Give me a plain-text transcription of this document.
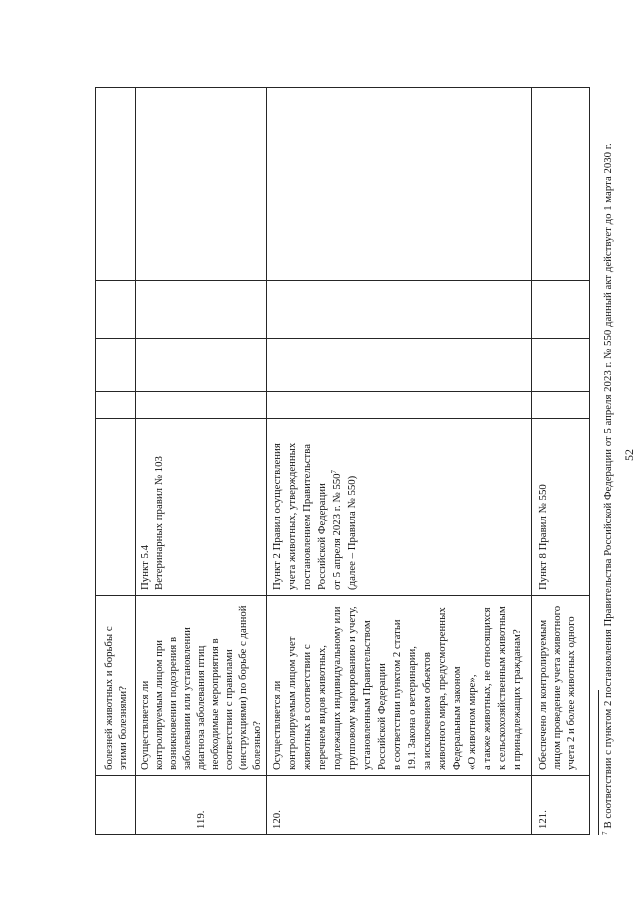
52
болезней животных и борьбы с
этими болезнями?
119.
Осуществляется ли
контролируемым лицом при
возникновении подозрения в
заболевании или установлении
диагноза заболевания птиц
необходимые мероприятия в
соответствии с правилами
(инструкциями) по борьбе с данной
болезнью?
Пункт 5.4
Ветеринарных правил № 103
120.
Осуществляется ли
контролируемым лицом учет
животных в соответствии с
перечнем видов животных,
подлежащих индивидуальному или
групповому маркированию и учету,
установленным Правительством
Российской Федерации
в соответствии пунктом 2 статьи
19.1 Закона о ветеринарии,
за исключением объектов
животного мира, предусмотренных
Федеральным законом
«О животном мире»,
а также животных, не относящихся
к сельскохозяйственным животным
и принадлежащих гражданам?
Пункт 2 Правил осуществления
учета животных, утвержденных
постановлением Правительства
Российской Федерации
от 5 апреля 2023 г. № 550$^7$
(далее – Правила № 550)
121.
Обеспечено ли контролируемым
лицом проведение учета животного
учета 2 и более животных одного
Пункт 8 Правил № 550
$^7$В соответствии с пунктом 2 постановления Правительства Российской Федерации от 5 апреля 2023 г. № 550 данный акт действует до 1 марта 2030 г.
